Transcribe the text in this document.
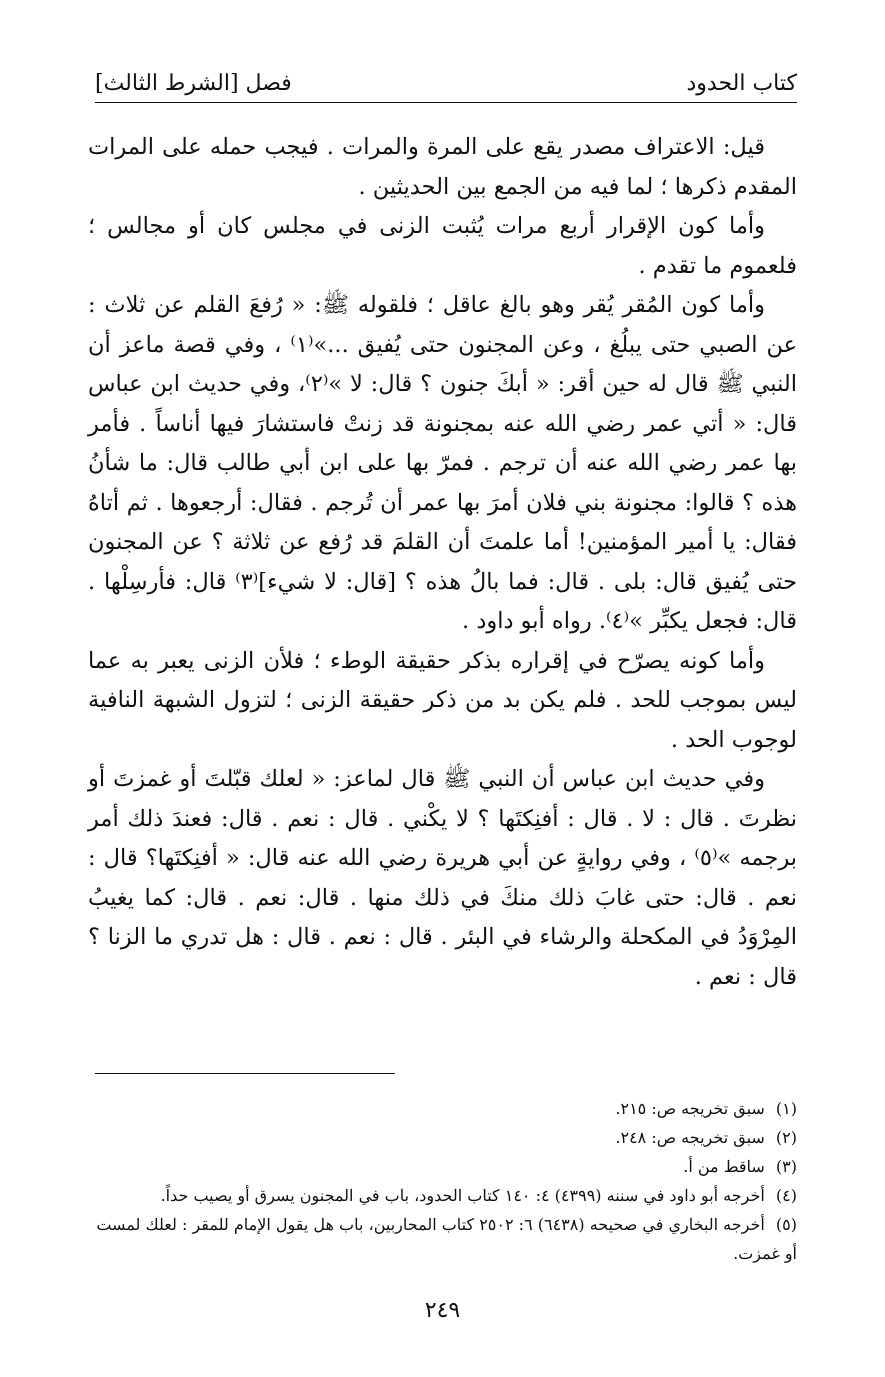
كتاب الحدود
فصل [الشرط الثالث]

قيل: الاعتراف مصدر يقع على المرة والمرات . فيجب حمله على المرات المقدم ذكرها ؛ لما فيه من الجمع بين الحديثين .

وأما كون الإقرار أربع مرات يُثبت الزنى في مجلس كان أو مجالس ؛ فلعموم ما تقدم .

وأما كون المُقر يُقر وهو بالغ عاقل ؛ فلقوله ﷺ: « رُفعَ القلم عن ثلاث : عن الصبي حتى يبلُغ ، وعن المجنون حتى يُفيق ...»⁽١⁾ ، وفي قصة ماعز أن النبي ﷺ قال له حين أقر: « أبكَ جنون ؟ قال: لا »⁽٢⁾، وفي حديث ابن عباس قال: « أتي عمر رضي الله عنه بمجنونة قد زنتْ فاستشارَ فيها أناساً . فأمر بها عمر رضي الله عنه أن ترجم . فمرّ بها على ابن أبي طالب قال: ما شأنُ هذه ؟ قالوا: مجنونة بني فلان أمرَ بها عمر أن تُرجم . فقال: أرجعوها . ثم أتاهُ فقال: يا أمير المؤمنين! أما علمتَ أن القلمَ قد رُفع عن ثلاثة ؟ عن المجنون حتى يُفيق قال: بلى . قال: فما بالُ هذه ؟ [قال: لا شيء]⁽٣⁾ قال: فأرسِلْها . قال: فجعل يكبِّر »⁽٤⁾. رواه أبو داود .

وأما كونه يصرّح في إقراره بذكر حقيقة الوطء ؛ فلأن الزنى يعبر به عما ليس بموجب للحد . فلم يكن بد من ذكر حقيقة الزنى ؛ لتزول الشبهة النافية لوجوب الحد .

وفي حديث ابن عباس أن النبي ﷺ قال لماعز: « لعلك قبّلتَ أو غمزتَ أو نظرتَ . قال : لا . قال : أفنِكتَها ؟ لا يكْني . قال : نعم . قال: فعندَ ذلك أمر برجمه »⁽٥⁾ ، وفي روايةٍ عن أبي هريرة رضي الله عنه قال: « أفنِكتَها؟ قال : نعم . قال: حتى غابَ ذلك منكَ في ذلك منها . قال: نعم . قال: كما يغيبُ المِرْوَدُ في المكحلة والرشاء في البئر . قال : نعم . قال : هل تدري ما الزنا ؟ قال : نعم .

(١) سبق تخريجه ص: ٢١٥.

(٢) سبق تخريجه ص: ٢٤٨.

(٣) ساقط من أ.

(٤) أخرجه أبو داود في سننه (٤٣٩٩) ٤: ١٤٠ كتاب الحدود، باب في المجنون يسرق أو يصيب حداً.

(٥) أخرجه البخاري في صحيحه (٦٤٣٨) ٦: ٢٥٠٢ كتاب المحاربين، باب هل يقول الإمام للمقر : لعلك لمست أو غمزت.

٢٤٩
